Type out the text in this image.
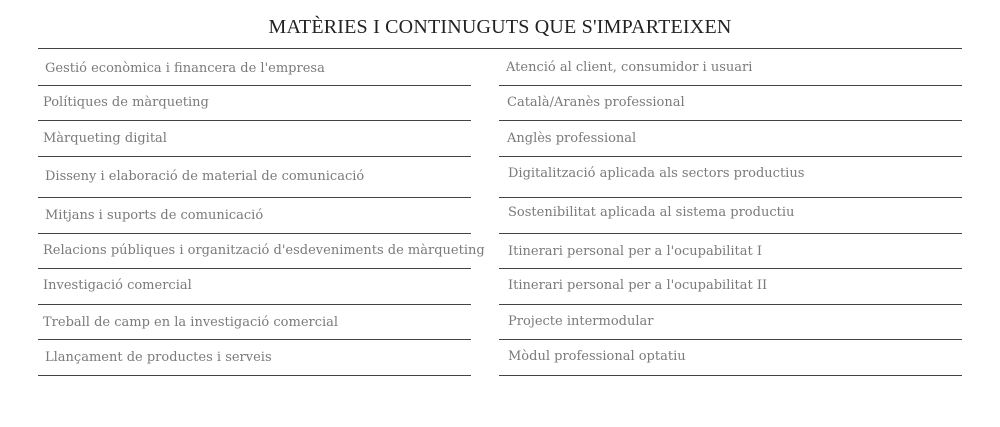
MATÈRIES I CONTINUGUTS QUE S'IMPARTEIXEN
Gestió econòmica i financera de l'empresa
Polítiques de màrqueting
Màrqueting digital
Disseny i elaboració de material de comunicació
Mitjans i suports de comunicació
Relacions públiques i organització d'esdeveniments de màrqueting
Investigació comercial
Treball de camp en la investigació comercial
Llançament de productes i serveis
Atenció al client, consumidor i usuari
Català/Aranès professional
Anglès professional
Digitalització aplicada als sectors productius
Sostenibilitat aplicada al sistema productiu
Itinerari personal per a l'ocupabilitat I
Itinerari personal per a l'ocupabilitat II
Projecte intermodular
Mòdul professional optatiu
